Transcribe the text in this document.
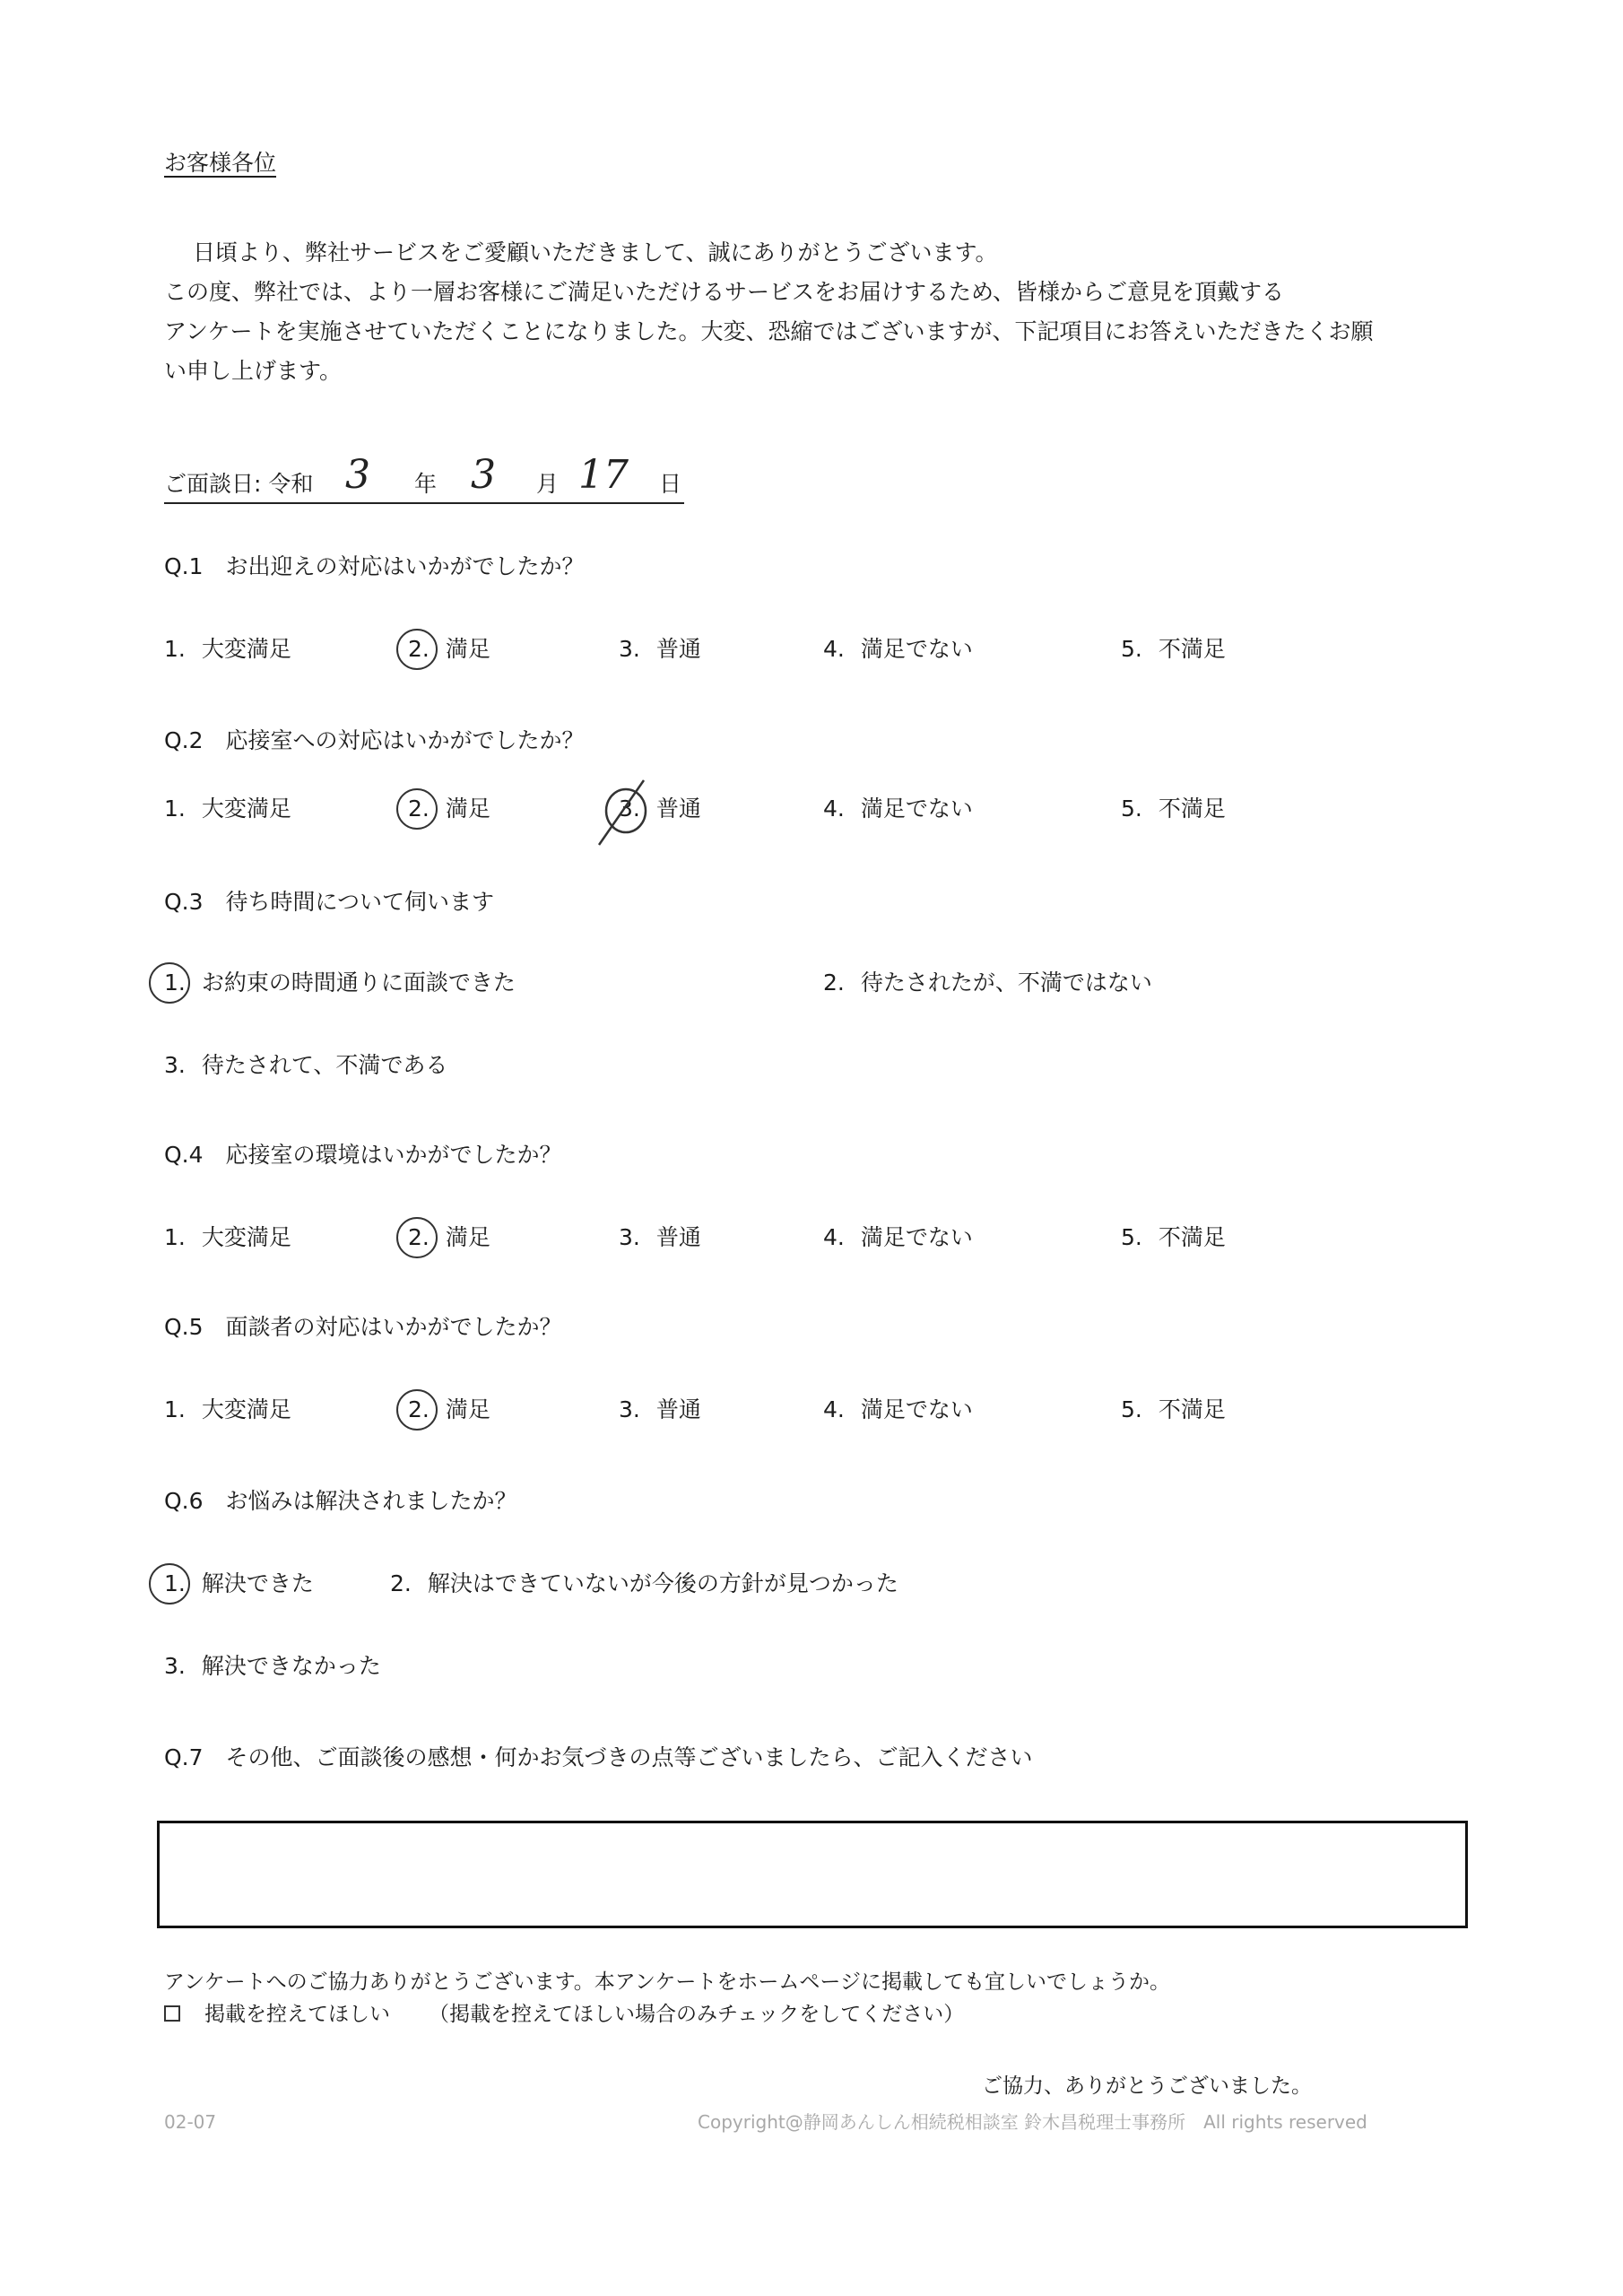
お客様各位
日頃より、弊社サービスをご愛顧いただきまして、誠にありがとうございます。
この度、弊社では、より一層お客様にご満足いただけるサービスをお届けするため、皆様からご意見を頂戴する
アンケートを実施させていただくことになりました。大変、恐縮ではございますが、下記項目にお答えいただきたくお願
い申し上げます。
ご面談日: 令和 3 年 3 月 17 日
Q.1　お出迎えの対応はいかがでしたか？
1. 大変満足	2. 満足	3. 普通	4. 満足でない	5. 不満足
Q.2　応接室への対応はいかがでしたか？
1. 大変満足	2. 満足	3. 普通	4. 満足でない	5. 不満足
Q.3　待ち時間について伺います
1. お約束の時間通りに面談できた	2. 待たされたが、不満ではない
3. 待たされて、不満である
Q.4　応接室の環境はいかがでしたか？
1. 大変満足	2. 満足	3. 普通	4. 満足でない	5. 不満足
Q.5　面談者の対応はいかがでしたか？
1. 大変満足	2. 満足	3. 普通	4. 満足でない	5. 不満足
Q.6　お悩みは解決されましたか？
1. 解決できた	2. 解決はできていないが今後の方針が見つかった
3. 解決できなかった
Q.7　その他、ご面談後の感想・何かお気づきの点等ございましたら、ご記入ください
アンケートへのご協力ありがとうございます。本アンケートをホームページに掲載しても宜しいでしょうか。
掲載を控えてほしい （掲載を控えてほしい場合のみチェックをしてください）
ご協力、ありがとうございました。
02-07	Copyright@静岡あんしん相続税相談室 鈴木昌税理士事務所　All rights reserved
